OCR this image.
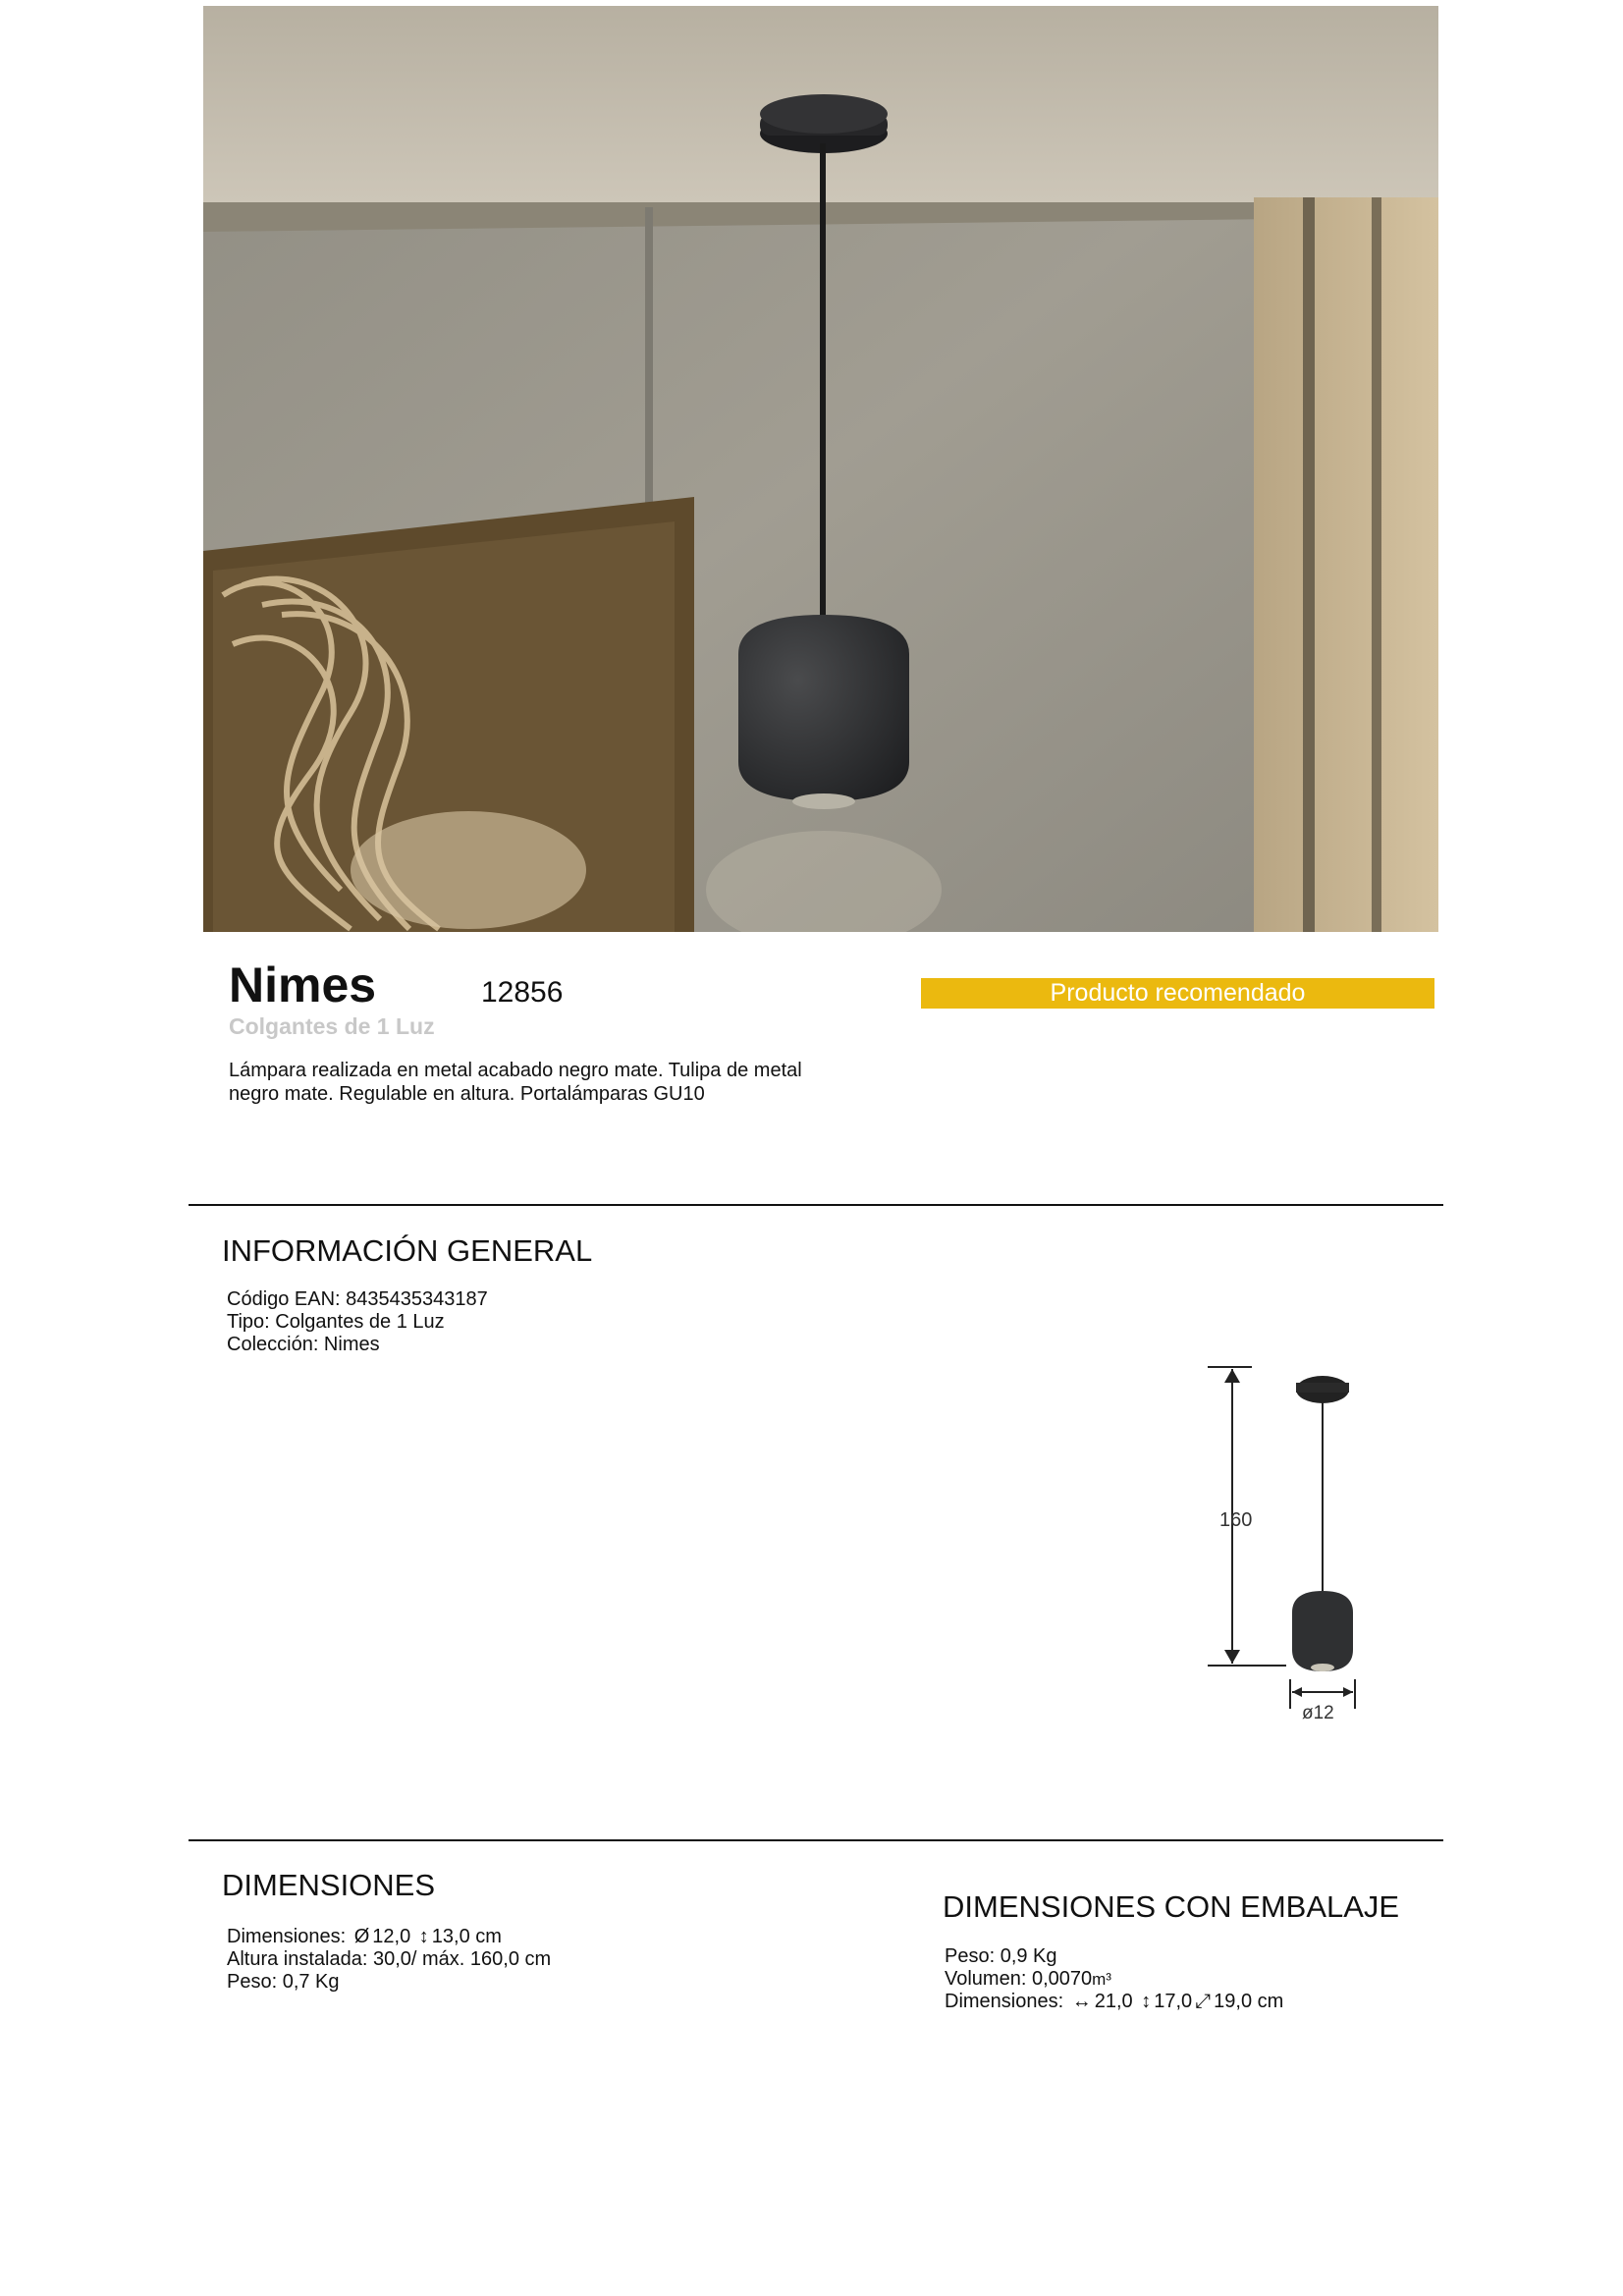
Nimes	12856
Colgantes de 1 Luz
Producto recomendado
Lámpara realizada en metal acabado negro mate. Tulipa de metal negro mate. Regulable en altura. Portalámparas GU10
INFORMACIÓN GENERAL
Código EAN: 8435435343187
Tipo: Colgantes de 1 Luz
Colección: Nimes
160
ø12
DIMENSIONES
Dimensiones: Ø 12,0 ↕ 13,0 cm
Altura instalada: 30,0/ máx. 160,0 cm
Peso: 0,7 Kg
DIMENSIONES CON EMBALAJE
Peso: 0,9 Kg
Volumen: 0,0070m³
Dimensiones: ↔ 21,0 ↕ 17,0 ⤢ 19,0 cm
